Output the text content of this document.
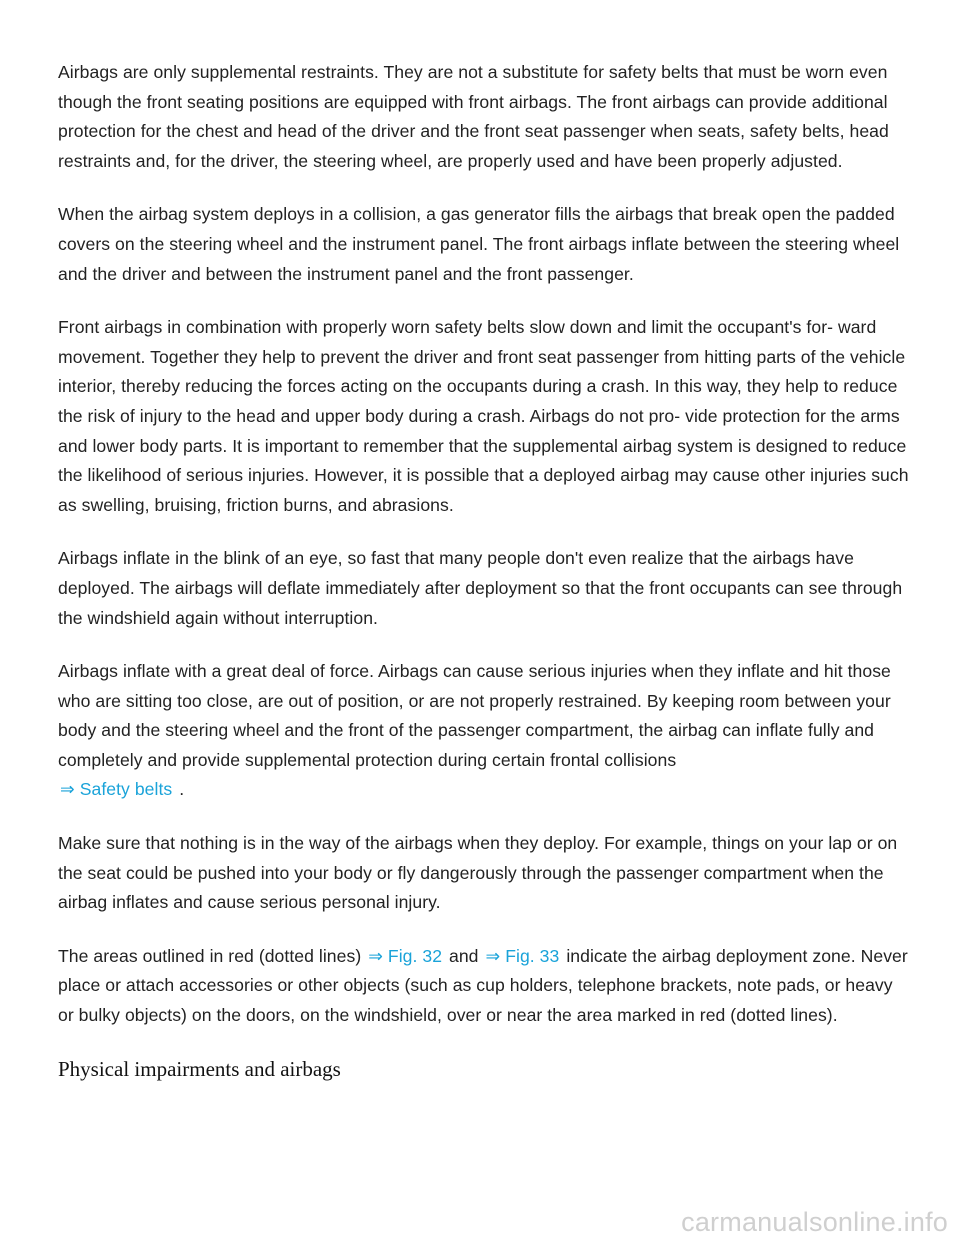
Airbags are only supplemental restraints. They are not a substitute for safety belts that must be worn even though the front seating positions are equipped with front airbags. The front airbags can provide additional protection for the chest and head of the driver and the front seat passenger when seats, safety belts, head restraints and, for the driver, the steering wheel, are properly used and have been properly adjusted.

When the airbag system deploys in a collision, a gas generator fills the airbags that break open the padded covers on the steering wheel and the instrument panel. The front airbags inflate between the steering wheel and the driver and between the instrument panel and the front passenger.

Front airbags in combination with properly worn safety belts slow down and limit the occupant's for- ward movement. Together they help to prevent the driver and front seat passenger from hitting parts of the vehicle interior, thereby reducing the forces acting on the occupants during a crash. In this way, they help to reduce the risk of injury to the head and upper body during a crash. Airbags do not pro- vide protection for the arms and lower body parts. It is important to remember that the supplemental airbag system is designed to reduce the likelihood of serious injuries. However, it is possible that a deployed airbag may cause other injuries such as swelling, bruising, friction burns, and abrasions.

Airbags inflate in the blink of an eye, so fast that many people don't even realize that the airbags have deployed. The airbags will deflate immediately after deployment so that the front occupants can see through the windshield again without interruption.

Airbags inflate with a great deal of force. Airbags can cause serious injuries when they inflate and hit those who are sitting too close, are out of position, or are not properly restrained. By keeping room between your body and the steering wheel and the front of the passenger compartment, the airbag can inflate fully and completely and provide supplemental protection during certain frontal collisions
⇒ Safety belts .

Make sure that nothing is in the way of the airbags when they deploy. For example, things on your lap or on the seat could be pushed into your body or fly dangerously through the passenger compartment when the airbag inflates and cause serious personal injury.

The areas outlined in red (dotted lines) ⇒ Fig. 32 and ⇒ Fig. 33 indicate the airbag deployment zone. Never place or attach accessories or other objects (such as cup holders, telephone brackets, note pads, or heavy or bulky objects) on the doors, on the windshield, over or near the area marked in red (dotted lines).

Physical impairments and airbags
carmanualsonline.info
